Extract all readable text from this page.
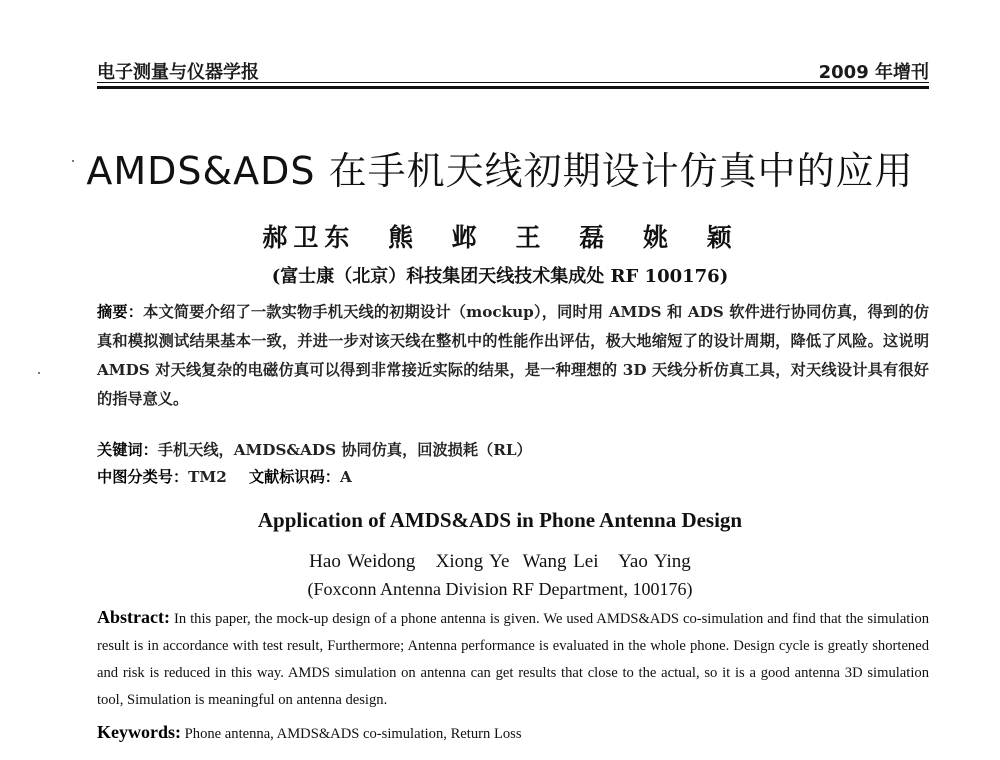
电子测量与仪器学报	2009 年增刊
AMDS&ADS 在手机天线初期设计仿真中的应用
郝卫东 熊 邺 王 磊 姚 颖
(富士康（北京）科技集团天线技术集成处 RF 100176)
摘要：本文简要介绍了一款实物手机天线的初期设计（mockup），同时用 AMDS 和 ADS 软件进行协同仿真，得到的仿真和模拟测试结果基本一致，并进一步对该天线在整机中的性能作出评估，极大地缩短了的设计周期，降低了风险。这说明 AMDS 对天线复杂的电磁仿真可以得到非常接近实际的结果，是一种理想的 3D 天线分析仿真工具，对天线设计具有很好的指导意义。
关键词：手机天线，AMDS&ADS 协同仿真，回波损耗（RL）
中图分类号：TM2 文献标识码：A
Application of AMDS&ADS in Phone Antenna Design
Hao Weidong Xiong Ye Wang Lei Yao Ying
(Foxconn Antenna Division RF Department, 100176)
Abstract: In this paper, the mock-up design of a phone antenna is given. We used AMDS&ADS co-simulation and find that the simulation result is in accordance with test result, Furthermore; Antenna performance is evaluated in the whole phone. Design cycle is greatly shortened and risk is reduced in this way. AMDS simulation on antenna can get results that close to the actual, so it is a good antenna 3D simulation tool, Simulation is meaningful on antenna design.
Keywords: Phone antenna, AMDS&ADS co-simulation, Return Loss
